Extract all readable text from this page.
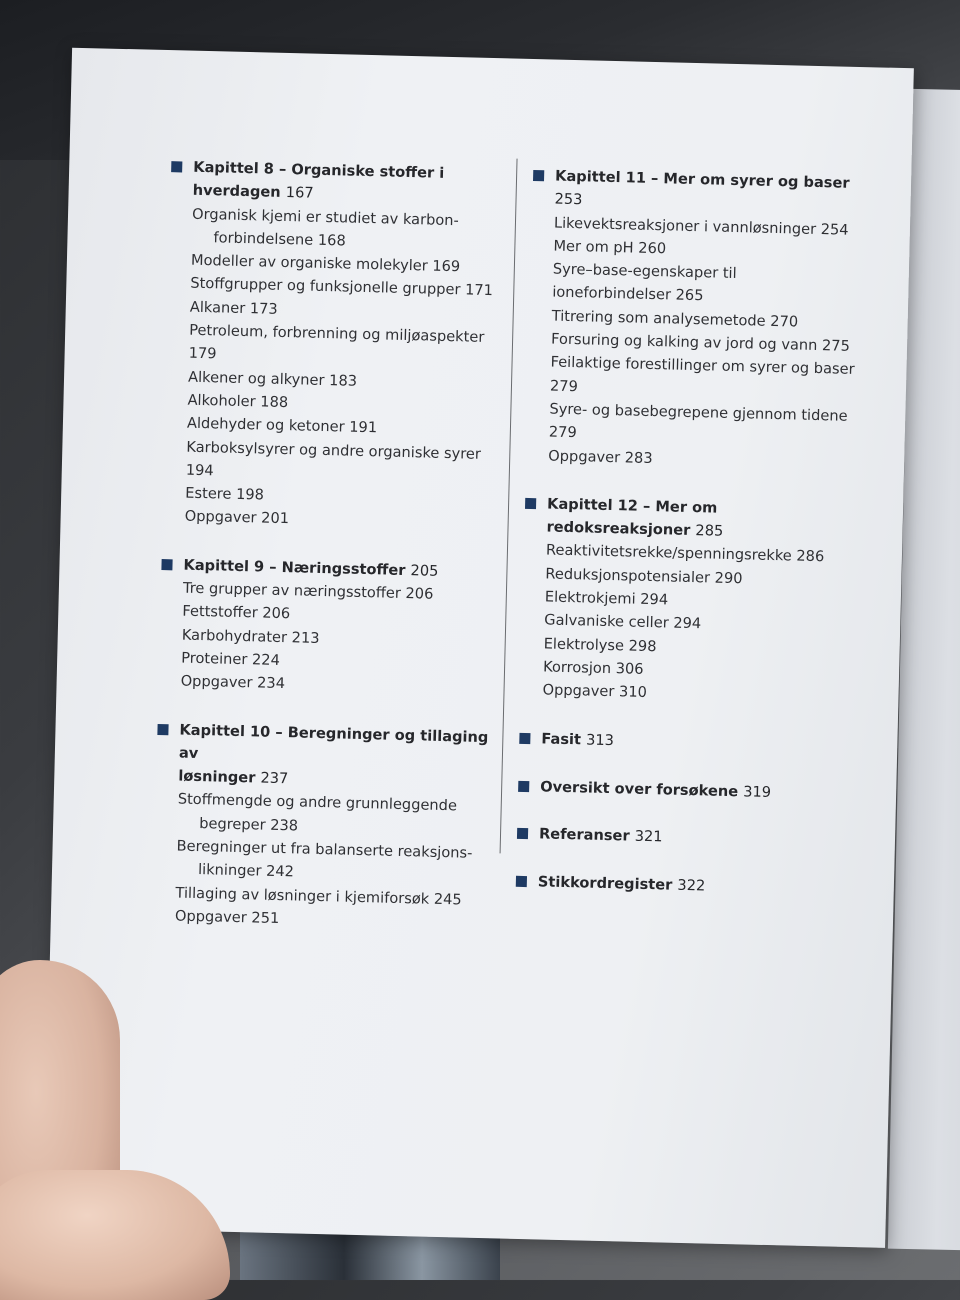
Kapittel 8 – Organiske stoffer i hverdagen 167
Organisk kjemi er studiet av karbon-
forbindelsene 168
Modeller av organiske molekyler 169
Stoffgrupper og funksjonelle grupper 171
Alkaner 173
Petroleum, forbrenning og miljøaspekter 179
Alkener og alkyner 183
Alkoholer 188
Aldehyder og ketoner 191
Karboksylsyrer og andre organiske syrer 194
Estere 198
Oppgaver 201
Kapittel 9 – Næringsstoffer 205
Tre grupper av næringsstoffer 206
Fettstoffer 206
Karbohydrater 213
Proteiner 224
Oppgaver 234
Kapittel 10 – Beregninger og tillaging av
løsninger 237
Stoffmengde og andre grunnleggende
begreper 238
Beregninger ut fra balanserte reaksjons-
likninger 242
Tillaging av løsninger i kjemiforsøk 245
Oppgaver 251
Kapittel 11 – Mer om syrer og baser 253
Likevektsreaksjoner i vannløsninger 254
Mer om pH 260
Syre–base-egenskaper til ioneforbindelser 265
Titrering som analysemetode 270
Forsuring og kalking av jord og vann 275
Feilaktige forestillinger om syrer og baser 279
Syre- og basebegrepene gjennom tidene 279
Oppgaver 283
Kapittel 12 – Mer om redoksreaksjoner 285
Reaktivitetsrekke/spenningsrekke 286
Reduksjonspotensialer 290
Elektrokjemi 294
Galvaniske celler 294
Elektrolyse 298
Korrosjon 306
Oppgaver 310
Fasit 313
Oversikt over forsøkene 319
Referanser 321
Stikkordregister 322
